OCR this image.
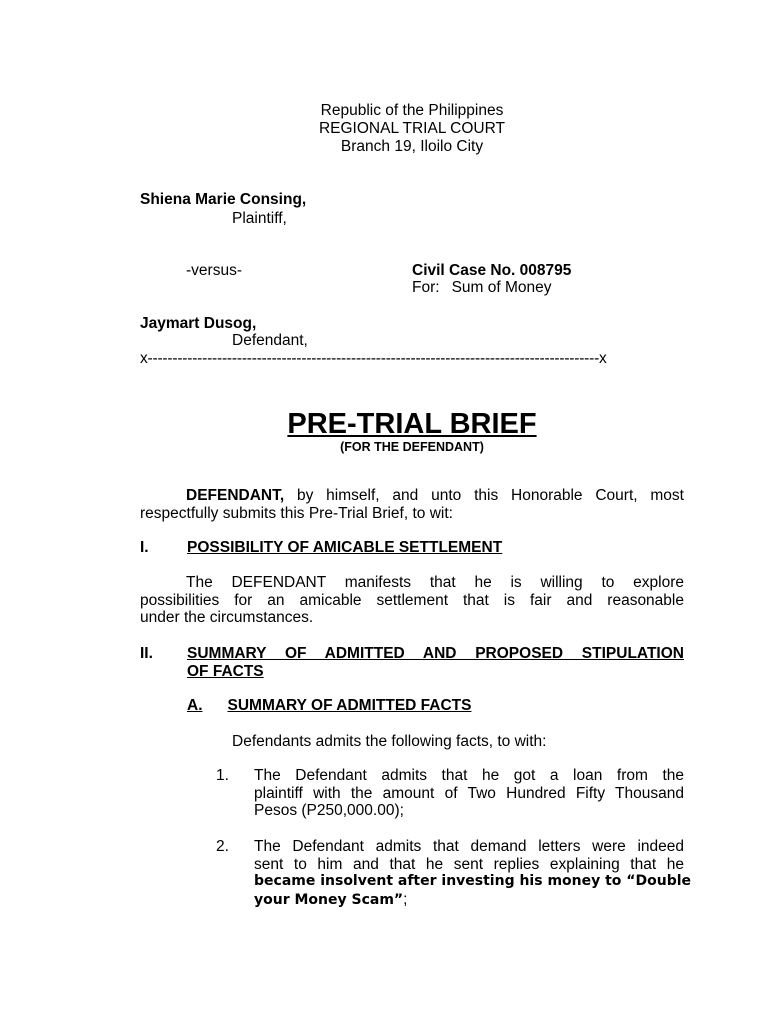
Republic of the Philippines
REGIONAL TRIAL COURT
Branch 19, Iloilo City
Shiena Marie Consing,
Plaintiff,
-versus-	Civil Case No. 008795
For: Sum of Money
Jaymart Dusog,
Defendant,
x-------------------------------------------------------------------------------------------x
PRE-TRIAL BRIEF
(FOR THE DEFENDANT)
DEFENDANT, by himself, and unto this Honorable Court, most
respectfully submits this Pre-Trial Brief, to wit:
I. POSSIBILITY OF AMICABLE SETTLEMENT
The DEFENDANT manifests that he is willing to explore
possibilities for an amicable settlement that is fair and reasonable
under the circumstances.
II. SUMMARY OF ADMITTED AND PROPOSED STIPULATION
OF FACTS
A. SUMMARY OF ADMITTED FACTS
Defendants admits the following facts, to with:
1. The Defendant admits that he got a loan from the
plaintiff with the amount of Two Hundred Fifty Thousand
Pesos (P250,000.00);
2. The Defendant admits that demand letters were indeed
sent to him and that he sent replies explaining that he
became insolvent after investing his money to “Double
your Money Scam”;
